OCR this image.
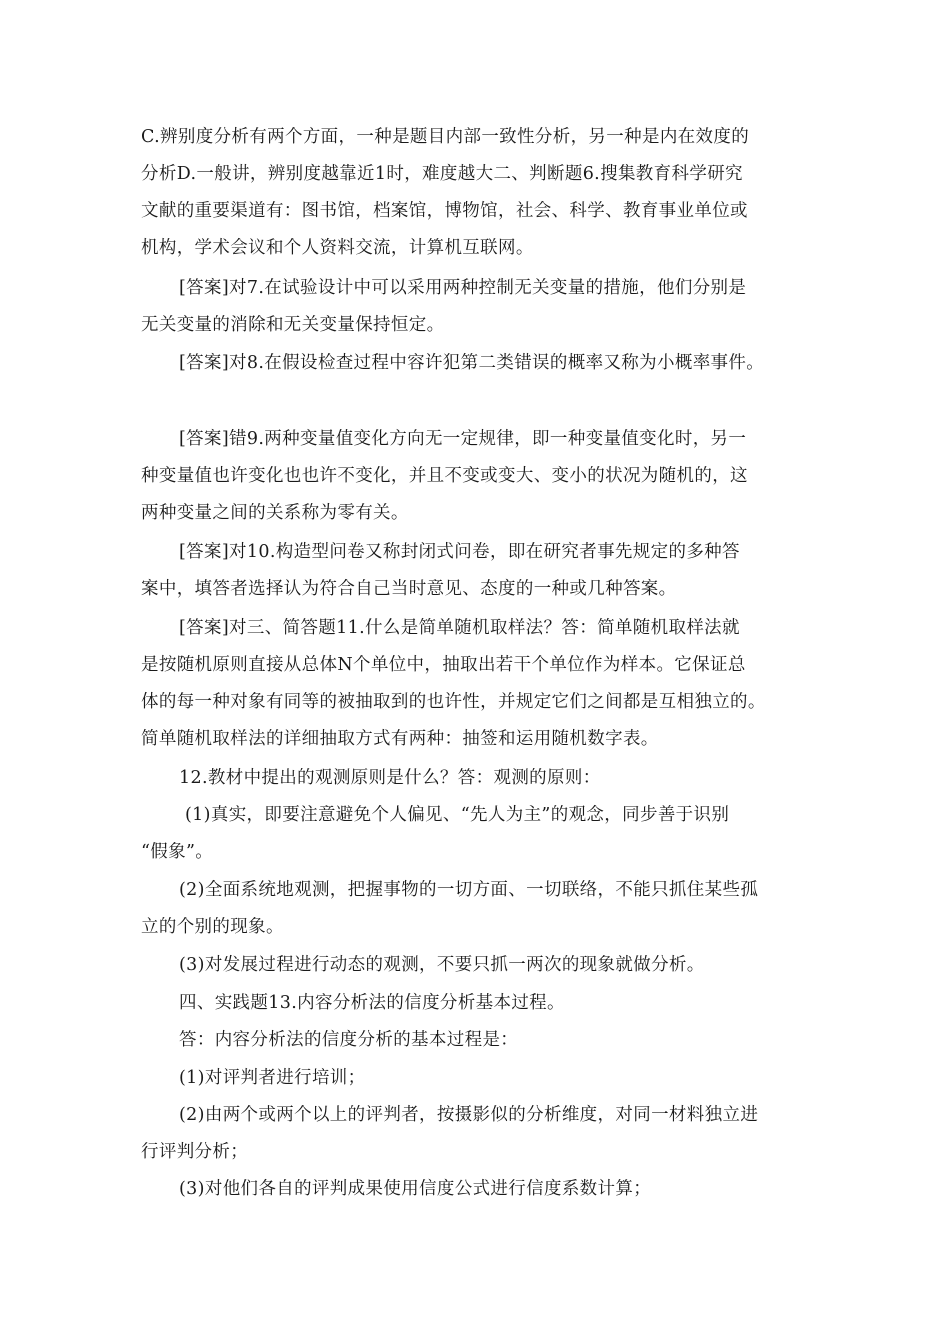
C.辨别度分析有两个方面，一种是题目内部一致性分析，另一种是内在效度的
分析D.一般讲，辨别度越靠近1时，难度越大二、判断题6.搜集教育科学研究
文献的重要渠道有：图书馆，档案馆，博物馆，社会、科学、教育事业单位或
机构，学术会议和个人资料交流，计算机互联网。
[答案]对7.在试验设计中可以采用两种控制无关变量的措施，他们分别是
无关变量的消除和无关变量保持恒定。
[答案]对8.在假设检查过程中容许犯第二类错误的概率又称为小概率事件。
[答案]错9.两种变量值变化方向无一定规律，即一种变量值变化时，另一
种变量值也许变化也也许不变化，并且不变或变大、变小的状况为随机的，这
两种变量之间的关系称为零有关。
[答案]对10.构造型问卷又称封闭式问卷，即在研究者事先规定的多种答
案中，填答者选择认为符合自己当时意见、态度的一种或几种答案。
[答案]对三、简答题11.什么是简单随机取样法？答：简单随机取样法就
是按随机原则直接从总体N个单位中，抽取出若干个单位作为样本。它保证总
体的每一种对象有同等的被抽取到的也许性，并规定它们之间都是互相独立的。
简单随机取样法的详细抽取方式有两种：抽签和运用随机数字表。
12.教材中提出的观测原则是什么？答：观测的原则：
(1)真实，即要注意避免个人偏见、“先人为主”的观念，同步善于识别
“假象”。
(2)全面系统地观测，把握事物的一切方面、一切联络，不能只抓住某些孤
立的个别的现象。
(3)对发展过程进行动态的观测，不要只抓一两次的现象就做分析。
四、实践题13.内容分析法的信度分析基本过程。
答：内容分析法的信度分析的基本过程是：
(1)对评判者进行培训；
(2)由两个或两个以上的评判者，按摄影似的分析维度，对同一材料独立进
行评判分析；
(3)对他们各自的评判成果使用信度公式进行信度系数计算；
